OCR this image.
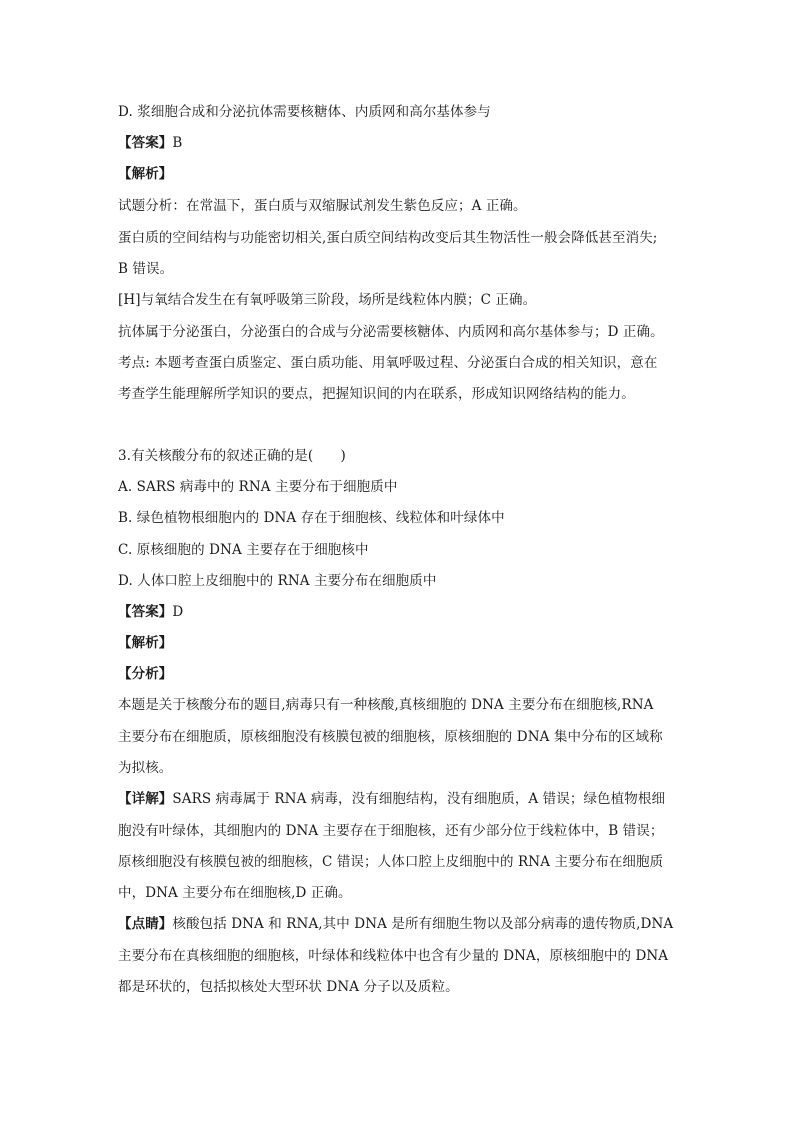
D. 浆细胞合成和分泌抗体需要核糖体、内质网和高尔基体参与
【答案】B
【解析】
试题分析：在常温下，蛋白质与双缩脲试剂发生紫色反应；A 正确。
蛋白质的空间结构与功能密切相关,蛋白质空间结构改变后其生物活性一般会降低甚至消失;
B 错误。
[H]与氧结合发生在有氧呼吸第三阶段，场所是线粒体内膜；C 正确。
抗体属于分泌蛋白，分泌蛋白的合成与分泌需要核糖体、内质网和高尔基体参与；D 正确。
考点: 本题考查蛋白质鉴定、蛋白质功能、用氧呼吸过程、分泌蛋白合成的相关知识，意在
考查学生能理解所学知识的要点，把握知识间的内在联系，形成知识网络结构的能力。
3.有关核酸分布的叙述正确的是(　　)
A. SARS 病毒中的 RNA 主要分布于细胞质中
B. 绿色植物根细胞内的 DNA 存在于细胞核、线粒体和叶绿体中
C. 原核细胞的 DNA 主要存在于细胞核中
D. 人体口腔上皮细胞中的 RNA 主要分布在细胞质中
【答案】D
【解析】
【分析】
本题是关于核酸分布的题目,病毒只有一种核酸,真核细胞的 DNA 主要分布在细胞核,RNA
主要分布在细胞质，原核细胞没有核膜包被的细胞核，原核细胞的 DNA 集中分布的区域称
为拟核。
【详解】SARS 病毒属于 RNA 病毒，没有细胞结构，没有细胞质，A 错误；绿色植物根细
胞没有叶绿体，其细胞内的 DNA 主要存在于细胞核，还有少部分位于线粒体中，B 错误；
原核细胞没有核膜包被的细胞核，C 错误；人体口腔上皮细胞中的 RNA 主要分布在细胞质
中，DNA 主要分布在细胞核,D 正确。
【点睛】核酸包括 DNA 和 RNA,其中 DNA 是所有细胞生物以及部分病毒的遗传物质,DNA
主要分布在真核细胞的细胞核，叶绿体和线粒体中也含有少量的 DNA，原核细胞中的 DNA
都是环状的，包括拟核处大型环状 DNA 分子以及质粒。
